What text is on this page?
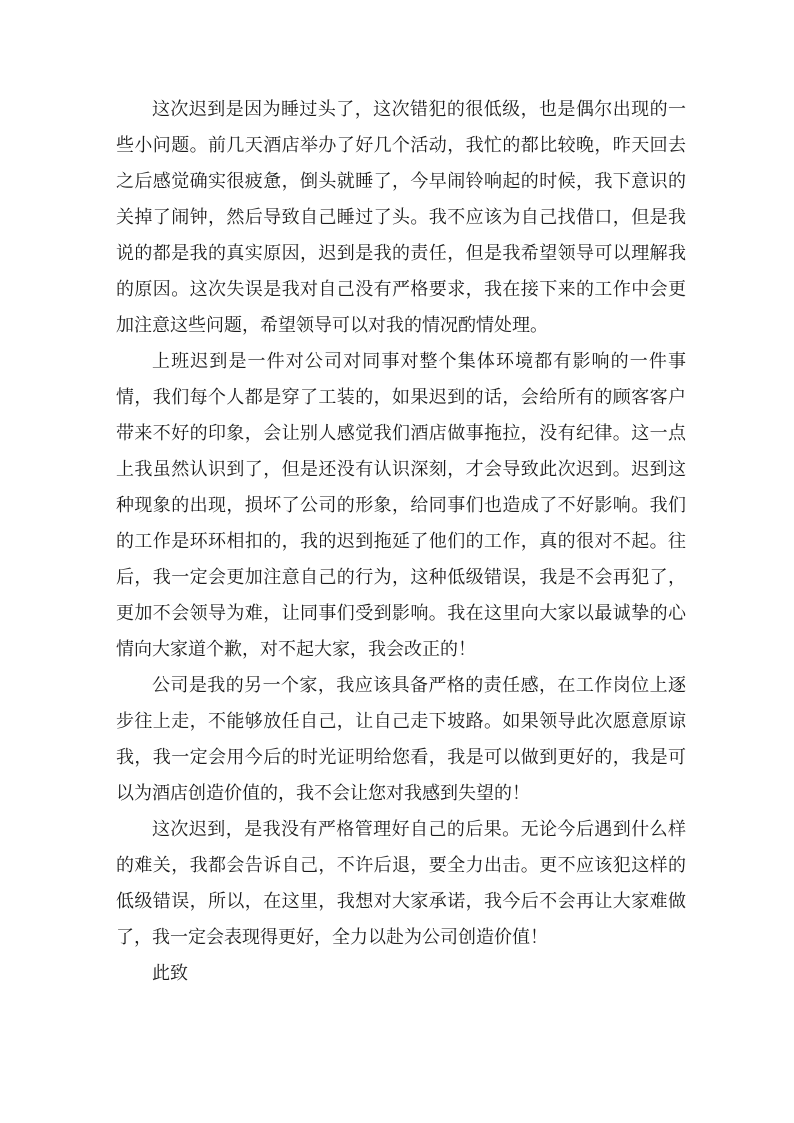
这次迟到是因为睡过头了，这次错犯的很低级，也是偶尔出现的一些小问题。前几天酒店举办了好几个活动，我忙的都比较晚，昨天回去之后感觉确实很疲惫，倒头就睡了，今早闹铃响起的时候，我下意识的关掉了闹钟，然后导致自己睡过了头。我不应该为自己找借口，但是我说的都是我的真实原因，迟到是我的责任，但是我希望领导可以理解我的原因。这次失误是我对自己没有严格要求，我在接下来的工作中会更加注意这些问题，希望领导可以对我的情况酌情处理。

上班迟到是一件对公司对同事对整个集体环境都有影响的一件事情，我们每个人都是穿了工装的，如果迟到的话，会给所有的顾客客户带来不好的印象，会让别人感觉我们酒店做事拖拉，没有纪律。这一点上我虽然认识到了，但是还没有认识深刻，才会导致此次迟到。迟到这种现象的出现，损坏了公司的形象，给同事们也造成了不好影响。我们的工作是环环相扣的，我的迟到拖延了他们的工作，真的很对不起。往后，我一定会更加注意自己的行为，这种低级错误，我是不会再犯了，更加不会领导为难，让同事们受到影响。我在这里向大家以最诚挚的心情向大家道个歉，对不起大家，我会改正的！

公司是我的另一个家，我应该具备严格的责任感，在工作岗位上逐步往上走，不能够放任自己，让自己走下坡路。如果领导此次愿意原谅我，我一定会用今后的时光证明给您看，我是可以做到更好的，我是可以为酒店创造价值的，我不会让您对我感到失望的！

这次迟到，是我没有严格管理好自己的后果。无论今后遇到什么样的难关，我都会告诉自己，不许后退，要全力出击。更不应该犯这样的低级错误，所以，在这里，我想对大家承诺，我今后不会再让大家难做了，我一定会表现得更好，全力以赴为公司创造价值！

此致
